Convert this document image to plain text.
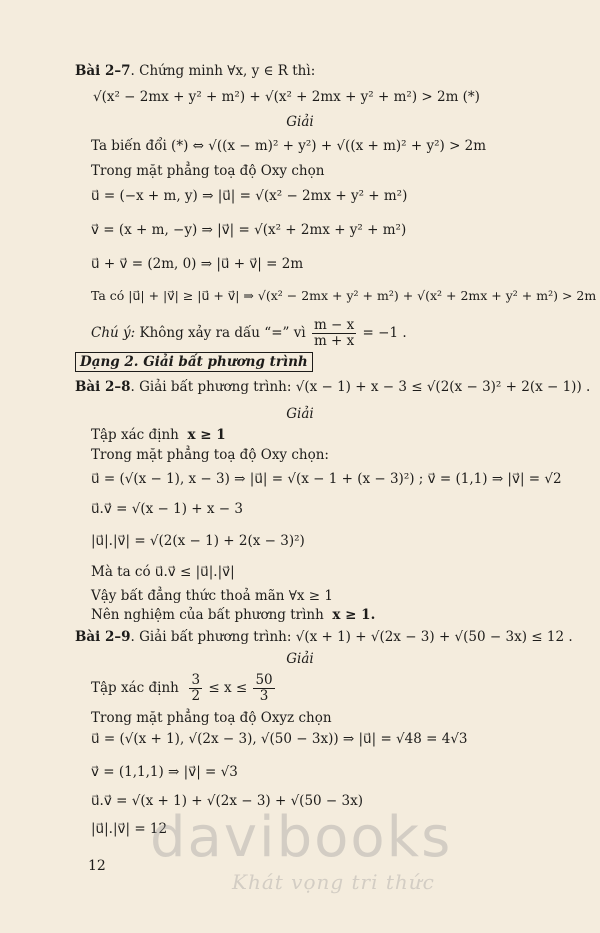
Bài 2–7. Chứng minh ∀x, y ∈ R thì:
√(x² − 2mx + y² + m²) + √(x² + 2mx + y² + m²) > 2m (*)
Giải
Ta biến đổi (*) ⇔ √((x − m)² + y²) + √((x + m)² + y²) > 2m
Trong mặt phẳng toạ độ Oxy chọn
u⃗ = (−x + m, y) ⇒ |u⃗| = √(x² − 2mx + y² + m²)
v⃗ = (x + m, −y) ⇒ |v⃗| = √(x² + 2mx + y² + m²)
u⃗ + v⃗ = (2m, 0) ⇒ |u⃗ + v⃗| = 2m
Ta có |u⃗| + |v⃗| ≥ |u⃗ + v⃗| ⇒ √(x² − 2mx + y² + m²) + √(x² + 2mx + y² + m²) > 2m
Chú ý: Không xảy ra dấu “=” vì $\frac{m - x}{m + x} = -1$ .
Dạng 2. Giải bất phương trình
Bài 2–8. Giải bất phương trình: √(x − 1) + x − 3 ≤ √(2(x − 3)² + 2(x − 1)) .
Giải
Tập xác định x ≥ 1
Trong mặt phẳng toạ độ Oxy chọn:
u⃗ = (√(x − 1), x − 3) ⇒ |u⃗| = √(x − 1 + (x − 3)²) ; v⃗ = (1,1) ⇒ |v⃗| = √2
u⃗.v⃗ = √(x − 1) + x − 3
|u⃗|.|v⃗| = √(2(x − 1) + 2(x − 3)²)
Mà ta có u⃗.v⃗ ≤ |u⃗|.|v⃗|
Vậy bất đẳng thức thoả mãn ∀x ≥ 1
Nên nghiệm của bất phương trình x ≥ 1.
Bài 2–9. Giải bất phương trình: √(x + 1) + √(2x − 3) + √(50 − 3x) ≤ 12 .
Giải
Tập xác định $\frac{3}{2} \le x \le \frac{50}{3}$
Trong mặt phẳng toạ độ Oxyz chọn
u⃗ = (√(x + 1), √(2x − 3), √(50 − 3x)) ⇒ |u⃗| = √48 = 4√3
v⃗ = (1,1,1) ⇒ |v⃗| = √3
u⃗.v⃗ = √(x + 1) + √(2x − 3) + √(50 − 3x)
|u⃗|.|v⃗| = 12
davibooks
Khát vọng tri thức
12
